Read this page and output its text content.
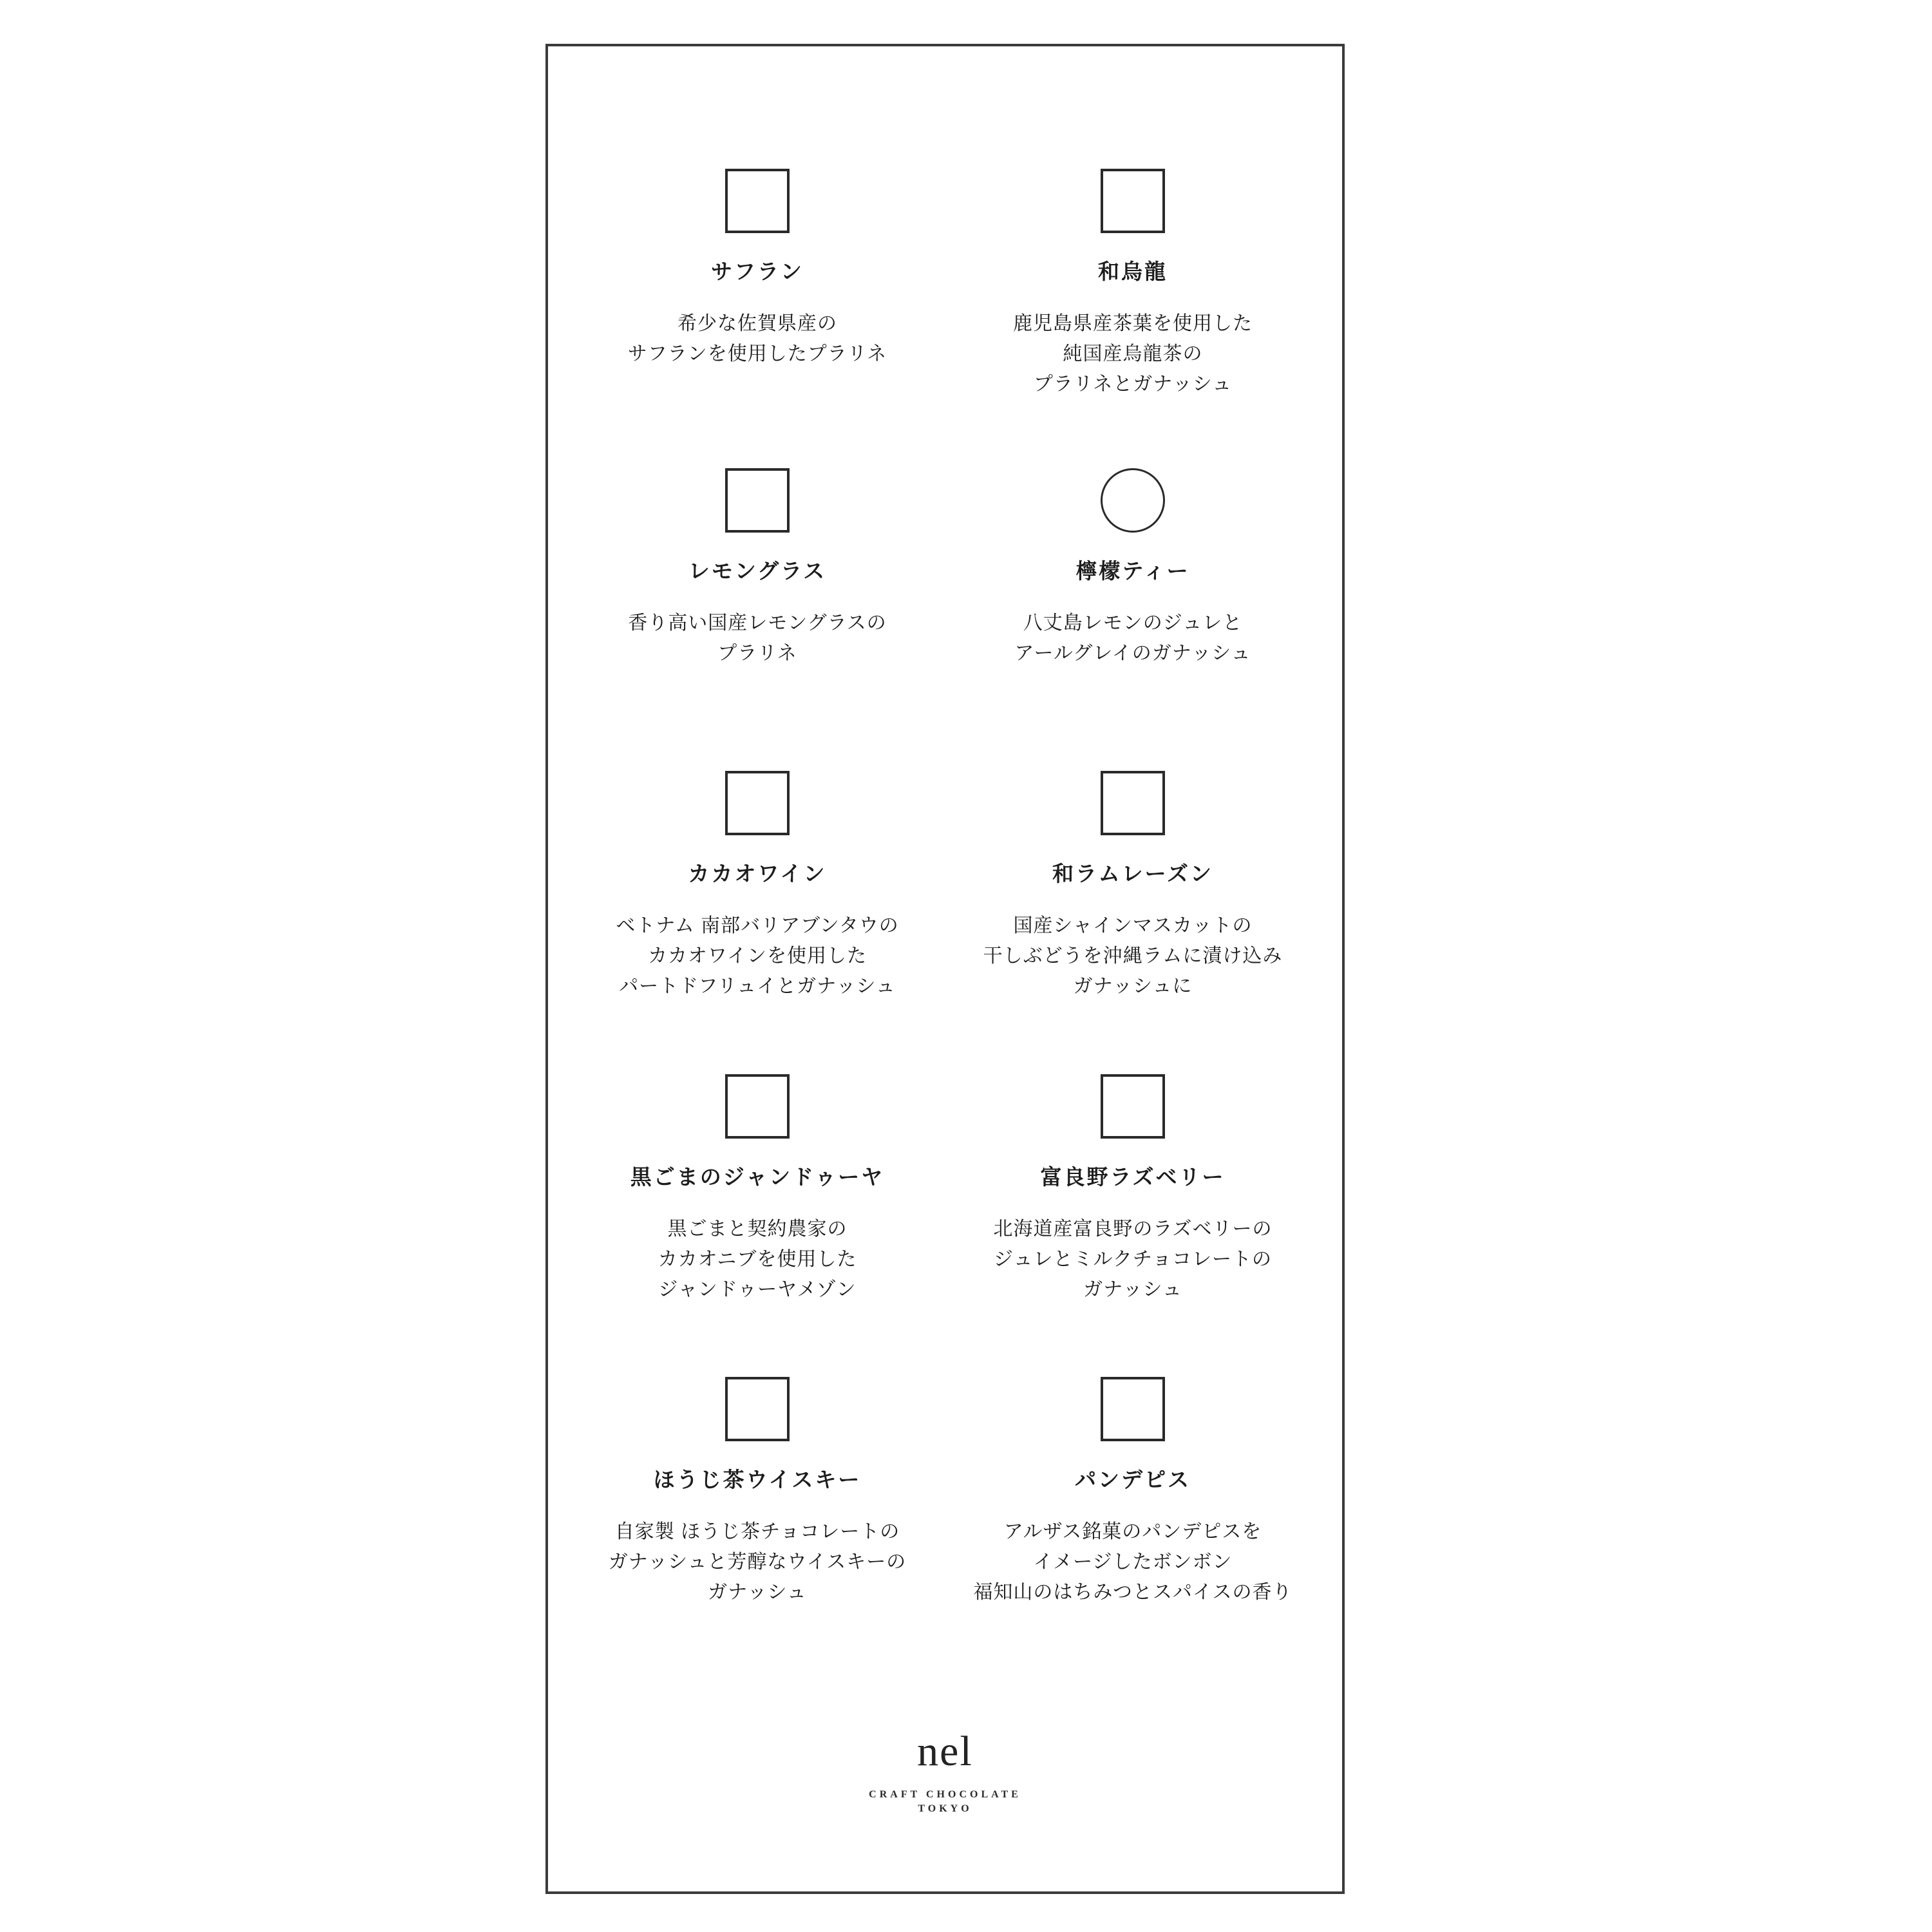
サフラン
希少な佐賀県産の
サフランを使用したプラリネ
和烏龍
鹿児島県産茶葉を使用した
純国産烏龍茶の
プラリネとガナッシュ
レモングラス
香り高い国産レモングラスの
プラリネ
檸檬ティー
八丈島レモンのジュレと
アールグレイのガナッシュ
カカオワイン
ベトナム 南部バリアブンタウの
カカオワインを使用した
パートドフリュイとガナッシュ
和ラムレーズン
国産シャインマスカットの
干しぶどうを沖縄ラムに漬け込み
ガナッシュに
黒ごまのジャンドゥーヤ
黒ごまと契約農家の
カカオニブを使用した
ジャンドゥーヤメゾン
富良野ラズベリー
北海道産富良野のラズベリーの
ジュレとミルクチョコレートの
ガナッシュ
ほうじ茶ウイスキー
自家製 ほうじ茶チョコレートの
ガナッシュと芳醇なウイスキーの
ガナッシュ
パンデピス
アルザス銘菓のパンデピスを
イメージしたボンボン
福知山のはちみつとスパイスの香り
nel
CRAFT CHOCOLATE
TOKYO
